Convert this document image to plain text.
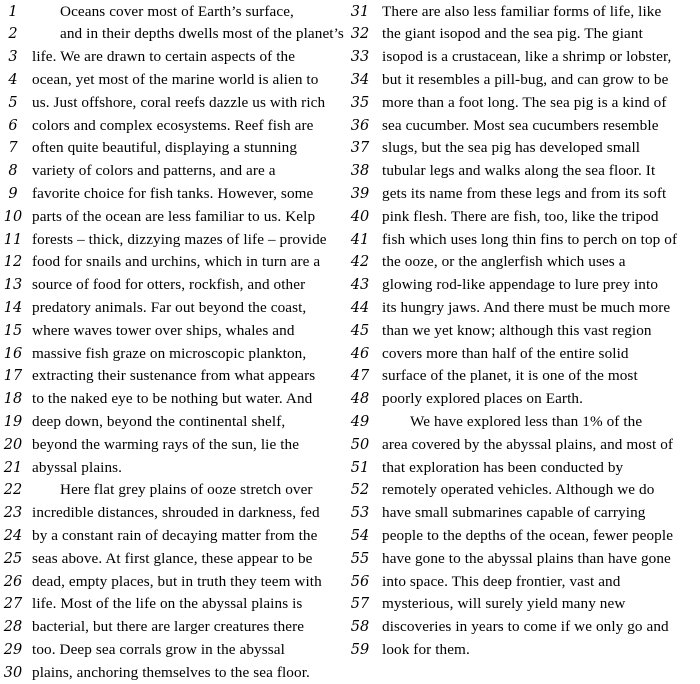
1	Oceans cover most of Earth’s surface,
2	and in their depths dwells most of the planet’s
3 life. We are drawn to certain aspects of the
4 ocean, yet most of the marine world is alien to
5 us. Just offshore, coral reefs dazzle us with rich
6 colors and complex ecosystems. Reef fish are
7 often quite beautiful, displaying a stunning
8 variety of colors and patterns, and are a
9 favorite choice for fish tanks. However, some
10 parts of the ocean are less familiar to us. Kelp
11 forests – thick, dizzying mazes of life – provide
12 food for snails and urchins, which in turn are a
13 source of food for otters, rockfish, and other
14 predatory animals. Far out beyond the coast,
15 where waves tower over ships, whales and
16 massive fish graze on microscopic plankton,
17 extracting their sustenance from what appears
18 to the naked eye to be nothing but water. And
19 deep down, beyond the continental shelf,
20 beyond the warming rays of the sun, lie the
21 abyssal plains.
22	Here flat grey plains of ooze stretch over
23 incredible distances, shrouded in darkness, fed
24 by a constant rain of decaying matter from the
25 seas above. At first glance, these appear to be
26 dead, empty places, but in truth they teem with
27 life. Most of the life on the abyssal plains is
28 bacterial, but there are larger creatures there
29 too. Deep sea corrals grow in the abyssal
30 plains, anchoring themselves to the sea floor.
31 There are also less familiar forms of life, like
32 the giant isopod and the sea pig. The giant
33 isopod is a crustacean, like a shrimp or lobster,
34 but it resembles a pill-bug, and can grow to be
35 more than a foot long. The sea pig is a kind of
36 sea cucumber. Most sea cucumbers resemble
37 slugs, but the sea pig has developed small
38 tubular legs and walks along the sea floor. It
39 gets its name from these legs and from its soft
40 pink flesh. There are fish, too, like the tripod
41 fish which uses long thin fins to perch on top of
42 the ooze, or the anglerfish which uses a
43 glowing rod-like appendage to lure prey into
44 its hungry jaws. And there must be much more
45 than we yet know; although this vast region
46 covers more than half of the entire solid
47 surface of the planet, it is one of the most
48 poorly explored places on Earth.
49	We have explored less than 1% of the
50 area covered by the abyssal plains, and most of
51 that exploration has been conducted by
52 remotely operated vehicles. Although we do
53 have small submarines capable of carrying
54 people to the depths of the ocean, fewer people
55 have gone to the abyssal plains than have gone
56 into space. This deep frontier, vast and
57 mysterious, will surely yield many new
58 discoveries in years to come if we only go and
59 look for them.
